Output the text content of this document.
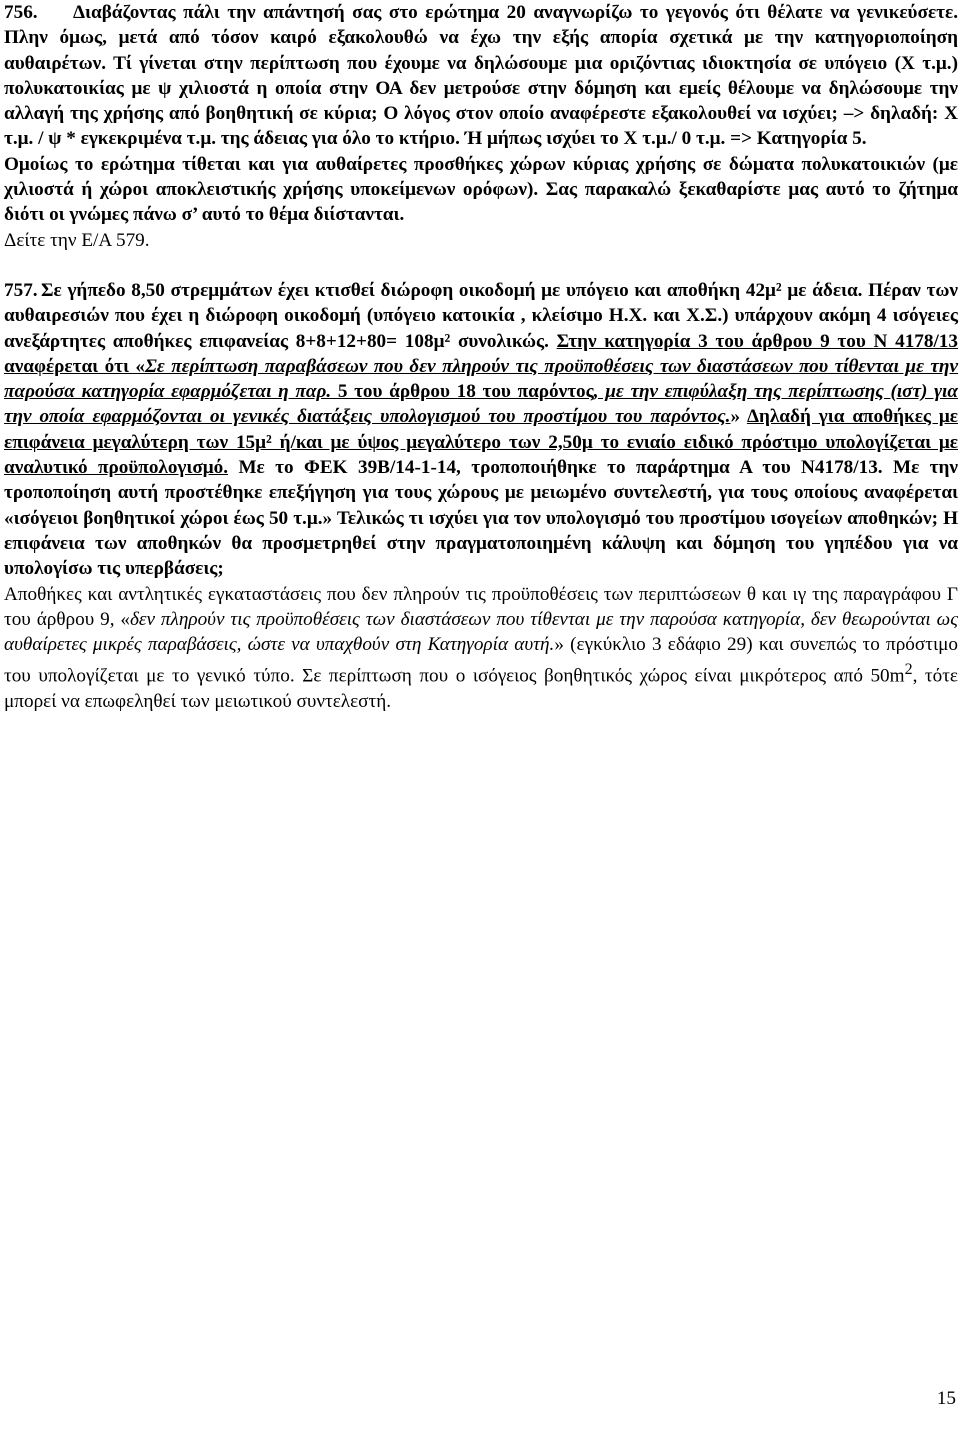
756. Διαβάζοντας πάλι την απάντησή σας στο ερώτημα 20 αναγνωρίζω το γεγονός ότι θέλατε να γενικεύσετε. Πλην όμως, μετά από τόσον καιρό εξακολουθώ να έχω την εξής απορία σχετικά με την κατηγοριοποίηση αυθαιρέτων. Τί γίνεται στην περίπτωση που έχουμε να δηλώσουμε μια οριζόντιας ιδιοκτησία σε υπόγειο (Χ τ.μ.) πολυκατοικίας με ψ χιλιοστά η οποία στην ΟΑ δεν μετρούσε στην δόμηση και εμείς θέλουμε να δηλώσουμε την αλλαγή της χρήσης από βοηθητική σε κύρια; Ο λόγος στον οποίο αναφέρεστε εξακολουθεί να ισχύει; –> δηλαδή: Χ τ.μ. / ψ * εγκεκριμένα τ.μ. της άδειας για όλο το κτήριο. Ή μήπως ισχύει το Χ τ.μ./ 0 τ.μ. => Κατηγορία 5.

Ομοίως το ερώτημα τίθεται και για αυθαίρετες προσθήκες χώρων κύριας χρήσης σε δώματα πολυκατοικιών (με χιλιοστά ή χώροι αποκλειστικής χρήσης υποκείμενων ορόφων). Σας παρακαλώ ξεκαθαρίστε μας αυτό το ζήτημα διότι οι γνώμες πάνω σ’ αυτό το θέμα διίστανται.

Δείτε την Ε/Α 579.

757. Σε γήπεδο 8,50 στρεμμάτων έχει κτισθεί διώροφη οικοδομή με υπόγειο και αποθήκη 42μ² με άδεια. Πέραν των αυθαιρεσιών που έχει η διώροφη οικοδομή (υπόγειο κατοικία , κλείσιμο Η.Χ. και Χ.Σ.) υπάρχουν ακόμη 4 ισόγειες ανεξάρτητες αποθήκες επιφανείας 8+8+12+80= 108μ² συνολικώς. Στην κατηγορία 3 του άρθρου 9 του Ν 4178/13 αναφέρεται ότι «Σε περίπτωση παραβάσεων που δεν πληρούν τις προϋποθέσεις των διαστάσεων που τίθενται με την παρούσα κατηγορία εφαρμόζεται η παρ. 5 του άρθρου 18 του παρόντος, με την επιφύλαξη της περίπτωσης (ιστ) για την οποία εφαρμόζονται οι γενικές διατάξεις υπολογισμού του προστίμου του παρόντος.» Δηλαδή για αποθήκες με επιφάνεια μεγαλύτερη των 15μ² ή/και με ύψος μεγαλύτερο των 2,50μ το ενιαίο ειδικό πρόστιμο υπολογίζεται με αναλυτικό προϋπολογισμό. Με το ΦΕΚ 39Β/14-1-14, τροποποιήθηκε το παράρτημα Α του Ν4178/13. Με την τροποποίηση αυτή προστέθηκε επεξήγηση για τους χώρους με μειωμένο συντελεστή, για τους οποίους αναφέρεται «ισόγειοι βοηθητικοί χώροι έως 50 τ.μ.» Τελικώς τι ισχύει για τον υπολογισμό του προστίμου ισογείων αποθηκών; Η επιφάνεια των αποθηκών θα προσμετρηθεί στην πραγματοποιημένη κάλυψη και δόμηση του γηπέδου για να υπολογίσω τις υπερβάσεις;

Αποθήκες και αντλητικές εγκαταστάσεις που δεν πληρούν τις προϋποθέσεις των περιπτώσεων θ και ιγ της παραγράφου Γ του άρθρου 9, «δεν πληρούν τις προϋποθέσεις των διαστάσεων που τίθενται με την παρούσα κατηγορία, δεν θεωρούνται ως αυθαίρετες μικρές παραβάσεις, ώστε να υπαχθούν στη Κατηγορία αυτή.» (εγκύκλιο 3 εδάφιο 29) και συνεπώς το πρόστιμο του υπολογίζεται με το γενικό τύπο. Σε περίπτωση που ο ισόγειος βοηθητικός χώρος είναι μικρότερος από $50m^2$, τότε μπορεί να επωφεληθεί των μειωτικού συντελεστή.

15
